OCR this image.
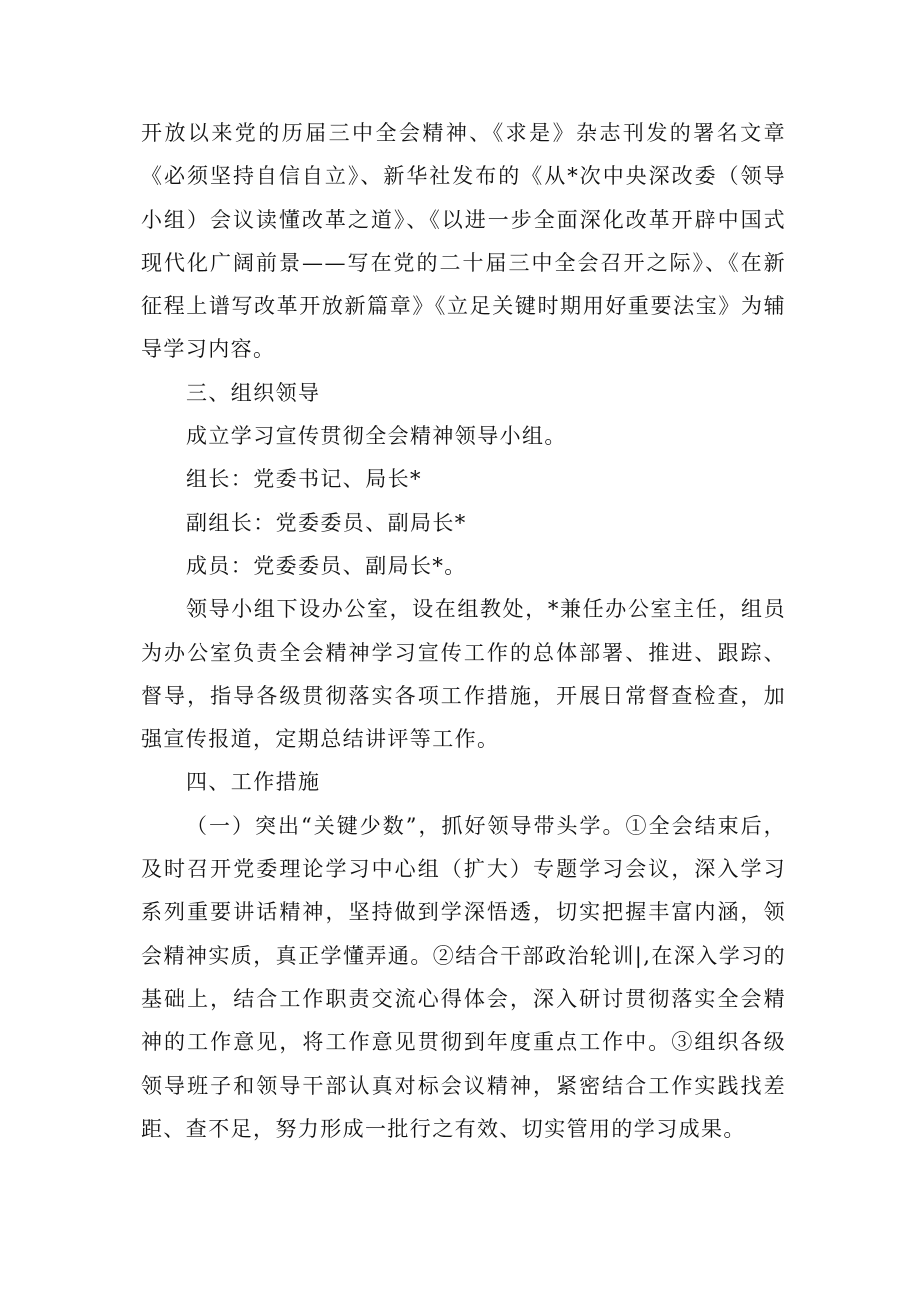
开放以来党的历届三中全会精神、《求是》杂志刊发的署名文章《必须坚持自信自立》、新华社发布的《从*次中央深改委（领导小组）会议读懂改革之道》、《以进一步全面深化改革开辟中国式现代化广阔前景——写在党的二十届三中全会召开之际》、《在新征程上谱写改革开放新篇章》《立足关键时期用好重要法宝》为辅导学习内容。

三、组织领导

成立学习宣传贯彻全会精神领导小组。

组长：党委书记、局长*

副组长：党委委员、副局长*

成员：党委委员、副局长*。

领导小组下设办公室，设在组教处，*兼任办公室主任，组员为办公室负责全会精神学习宣传工作的总体部署、推进、跟踪、督导，指导各级贯彻落实各项工作措施，开展日常督查检查，加强宣传报道，定期总结讲评等工作。

四、工作措施

（一）突出“关键少数”，抓好领导带头学。①全会结束后，及时召开党委理论学习中心组（扩大）专题学习会议，深入学习系列重要讲话精神，坚持做到学深悟透，切实把握丰富内涵，领会精神实质，真正学懂弄通。②结合干部政治轮训|,在深入学习的基础上，结合工作职责交流心得体会，深入研讨贯彻落实全会精神的工作意见，将工作意见贯彻到年度重点工作中。③组织各级领导班子和领导干部认真对标会议精神，紧密结合工作实践找差距、查不足，努力形成一批行之有效、切实管用的学习成果。
